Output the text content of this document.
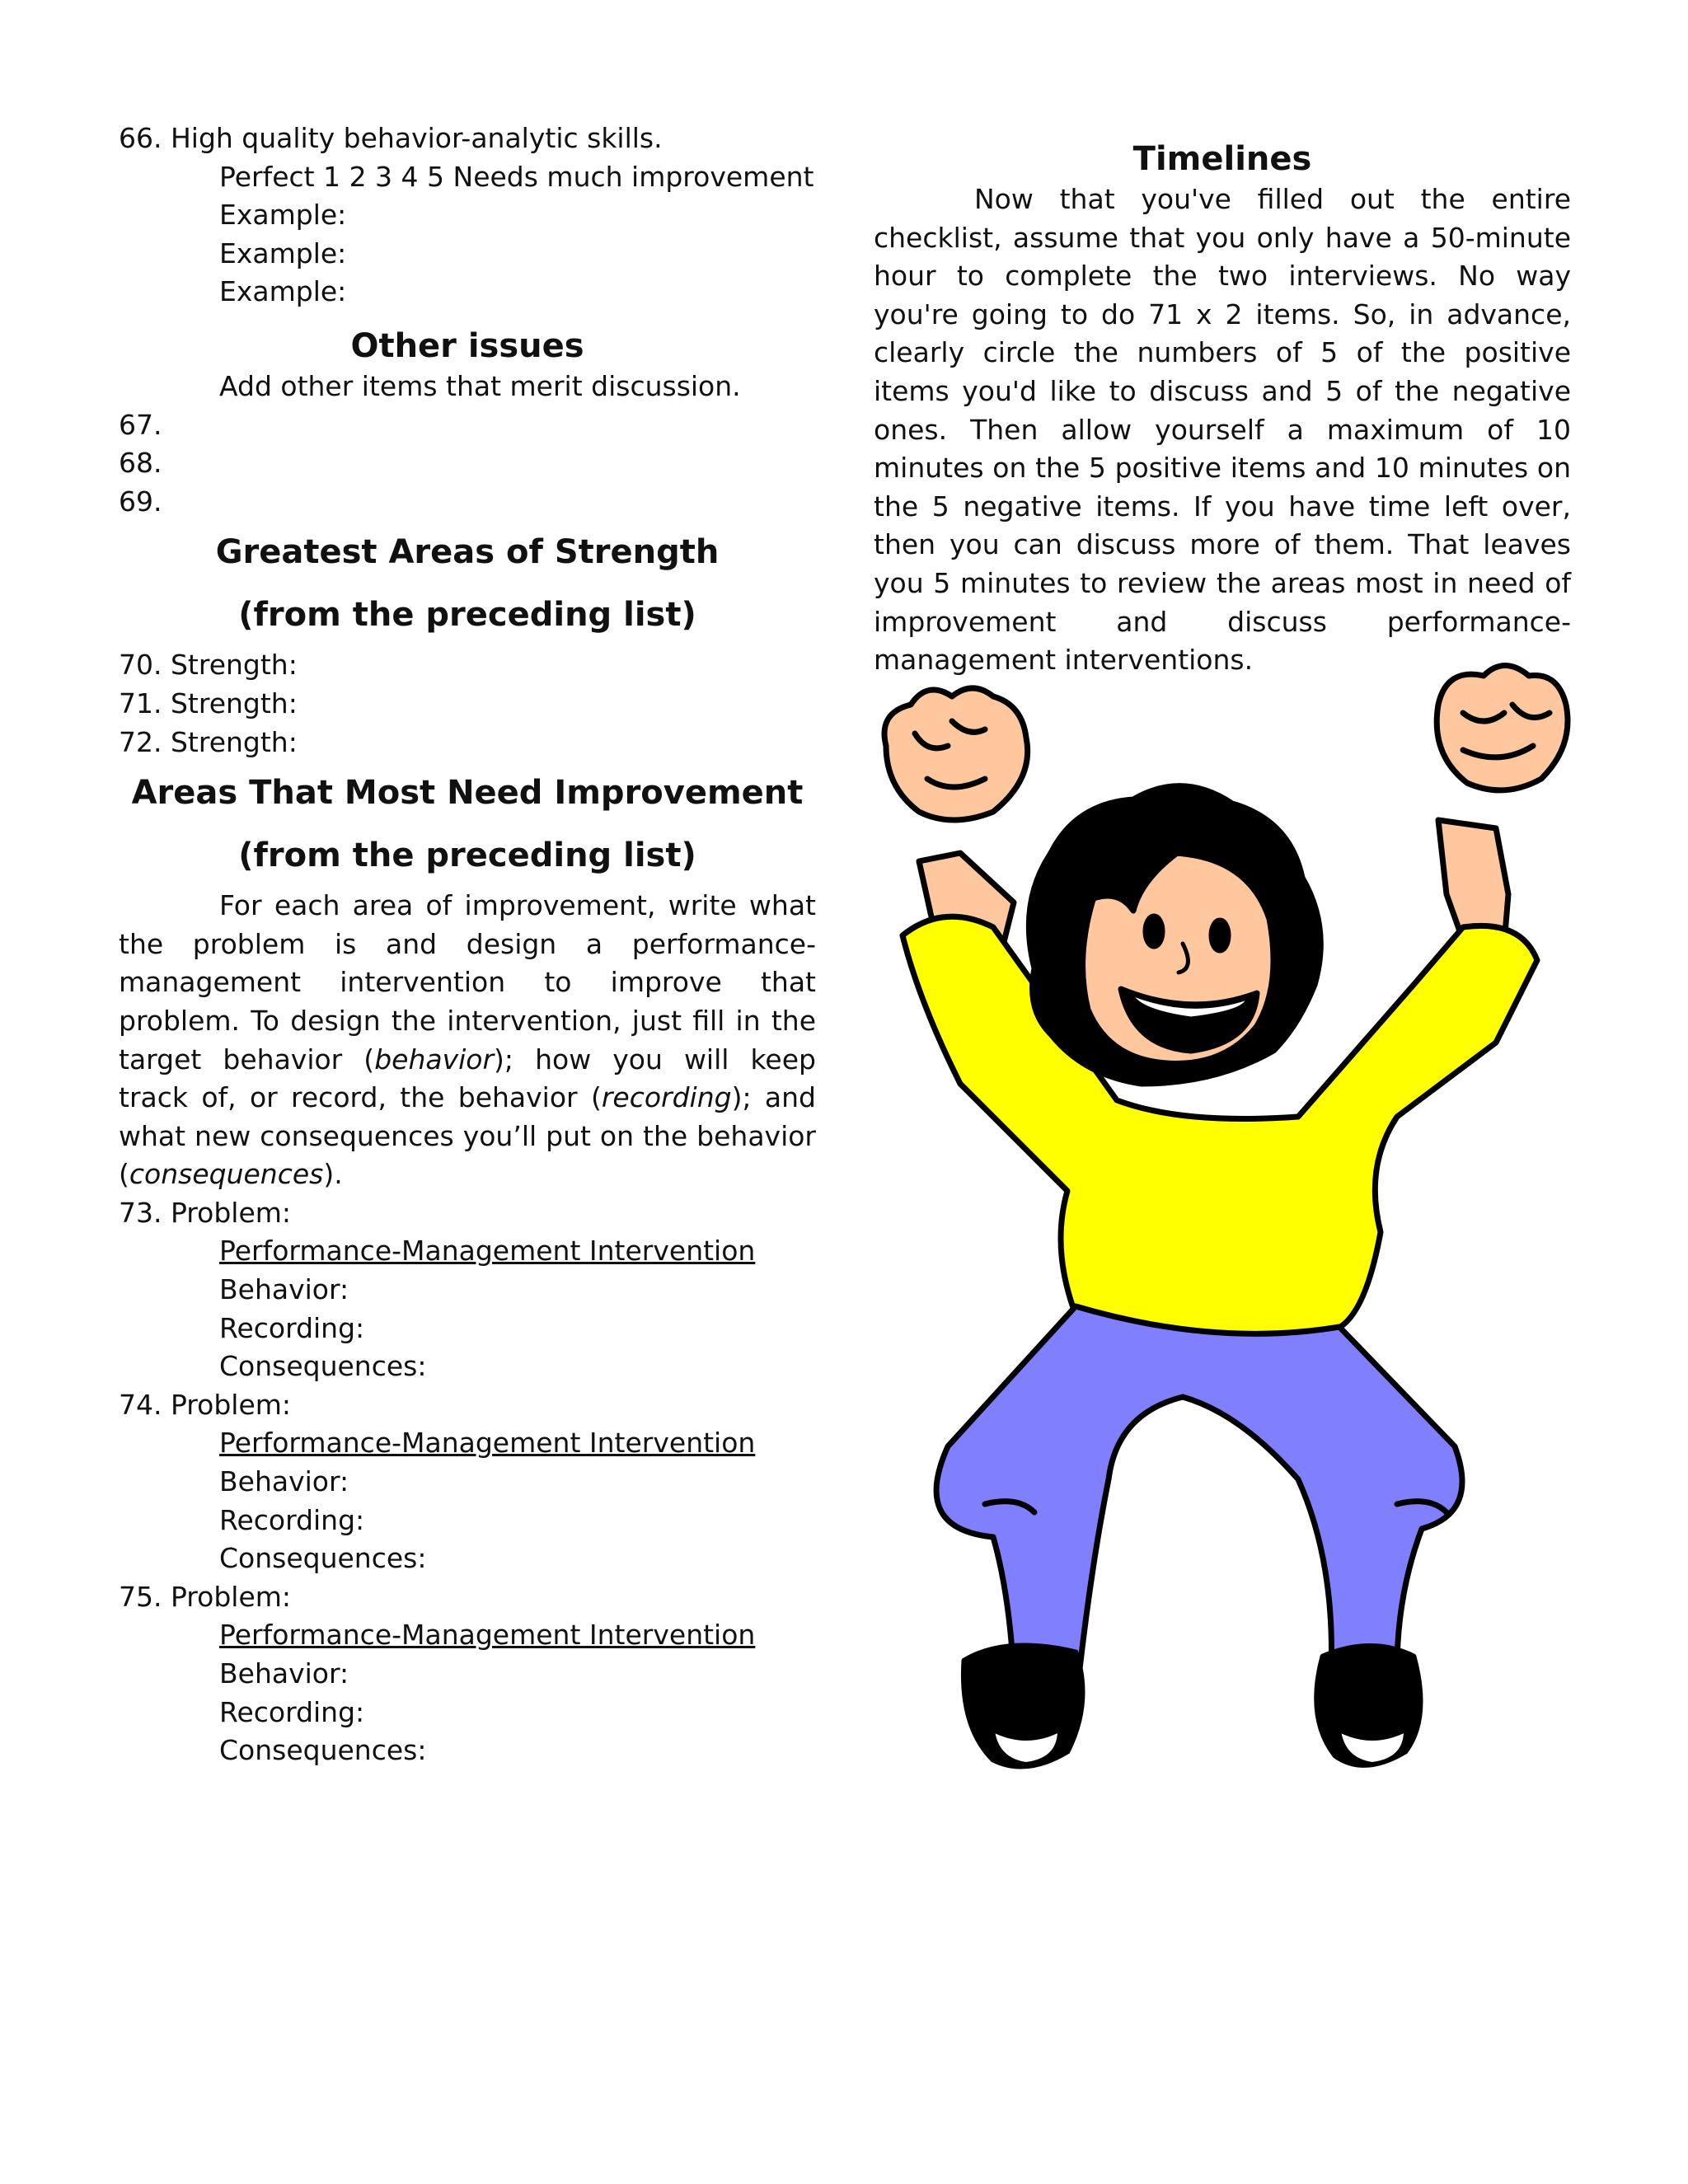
66. High quality behavior-analytic skills.
Perfect 1 2 3 4 5 Needs much improvement
Example:
Example:
Example:
Other issues
Add other items that merit discussion.
67.
68.
69.
Greatest Areas of Strength
(from the preceding list)
70. Strength:
71. Strength:
72. Strength:
Areas That Most Need Improvement
(from the preceding list)
For each area of improvement, write what the problem is and design a performance-management intervention to improve that problem. To design the intervention, just fill in the target behavior (behavior); how you will keep track of, or record, the behavior (recording); and what new consequences you’ll put on the behavior (consequences).
73. Problem:
Performance-Management Intervention
Behavior:
Recording:
Consequences:
74. Problem:
Performance-Management Intervention
Behavior:
Recording:
Consequences:
75. Problem:
Performance-Management Intervention
Behavior:
Recording:
Consequences:
Timelines
Now that you've filled out the entire checklist, assume that you only have a 50-minute hour to complete the two interviews. No way you're going to do 71 x 2 items. So, in advance, clearly circle the numbers of 5 of the positive items you'd like to discuss and 5 of the negative ones. Then allow yourself a maximum of 10 minutes on the 5 positive items and 10 minutes on the 5 negative items. If you have time left over, then you can discuss more of them. That leaves you 5 minutes to review the areas most in need of improvement and discuss performance-management interventions.
